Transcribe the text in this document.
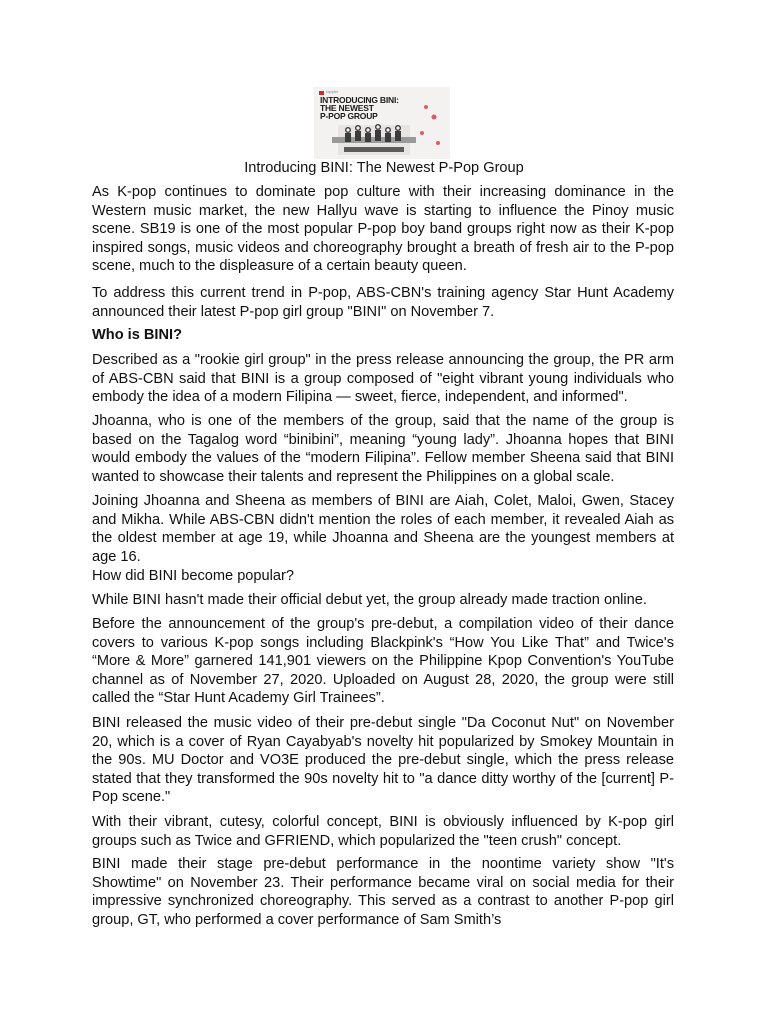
rappler
INTRODUCING BINI:
THE NEWEST
P-POP GROUP
Introducing BINI: The Newest P-Pop Group

As K-pop continues to dominate pop culture with their increasing dominance in the Western music market, the new Hallyu wave is starting to influence the Pinoy music scene. SB19 is one of the most popular P-pop boy band groups right now as their K-pop inspired songs, music videos and choreography brought a breath of fresh air to the P-pop scene, much to the displeasure of a certain beauty queen.

To address this current trend in P-pop, ABS-CBN's training agency Star Hunt Academy announced their latest P-pop girl group "BINI" on November 7.

Who is BINI?

Described as a "rookie girl group" in the press release announcing the group, the PR arm of ABS-CBN said that BINI is a group composed of "eight vibrant young individuals who embody the idea of a modern Filipina — sweet, fierce, independent, and informed".

Jhoanna, who is one of the members of the group, said that the name of the group is based on the Tagalog word “binibini”, meaning “young lady”. Jhoanna hopes that BINI would embody the values of the “modern Filipina”. Fellow member Sheena said that BINI wanted to showcase their talents and represent the Philippines on a global scale.

Joining Jhoanna and Sheena as members of BINI are Aiah, Colet, Maloi, Gwen, Stacey and Mikha. While ABS-CBN didn't mention the roles of each member, it revealed Aiah as the oldest member at age 19, while Jhoanna and Sheena are the youngest members at age 16.

How did BINI become popular?

While BINI hasn't made their official debut yet, the group already made traction online.

Before the announcement of the group's pre-debut, a compilation video of their dance covers to various K-pop songs including Blackpink's “How You Like That” and Twice's “More & More” garnered 141,901 viewers on the Philippine Kpop Convention's YouTube channel as of November 27, 2020. Uploaded on August 28, 2020, the group were still called the “Star Hunt Academy Girl Trainees”.

BINI released the music video of their pre-debut single "Da Coconut Nut" on November 20, which is a cover of Ryan Cayabyab's novelty hit popularized by Smokey Mountain in the 90s. MU Doctor and VO3E produced the pre-debut single, which the press release stated that they transformed the 90s novelty hit to "a dance ditty worthy of the [current] P-Pop scene."

With their vibrant, cutesy, colorful concept, BINI is obviously influenced by K-pop girl groups such as Twice and GFRIEND, which popularized the "teen crush" concept.

BINI made their stage pre-debut performance in the noontime variety show "It's Showtime" on November 23. Their performance became viral on social media for their impressive synchronized choreography. This served as a contrast to another P-pop girl group, GT, who performed a cover performance of Sam Smith’s
